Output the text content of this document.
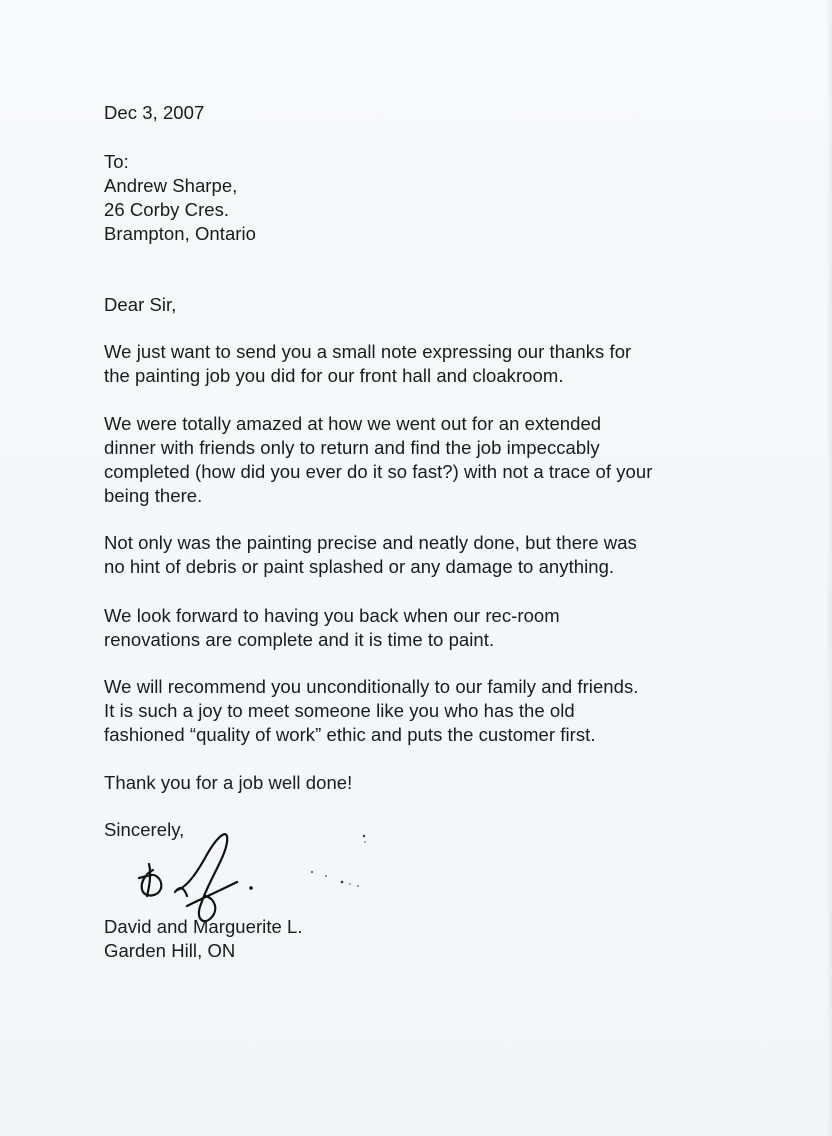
Dec 3, 2007
To:
Andrew Sharpe,
26 Corby Cres.
Brampton, Ontario
Dear Sir,
We just want to send you a small note expressing our thanks for
the painting job you did for our front hall and cloakroom.
We were totally amazed at how we went out for an extended
dinner with friends only to return and find the job impeccably
completed (how did you ever do it so fast?) with not a trace of your
being there.
Not only was the painting precise and neatly done, but there was
no hint of debris or paint splashed or any damage to anything.
We look forward to having you back when our rec-room
renovations are complete and it is time to paint.
We will recommend you unconditionally to our family and friends.
It is such a joy to meet someone like you who has the old
fashioned “quality of work” ethic and puts the customer first.
Thank you for a job well done!
Sincerely,
David and Marguerite L.
Garden Hill, ON
